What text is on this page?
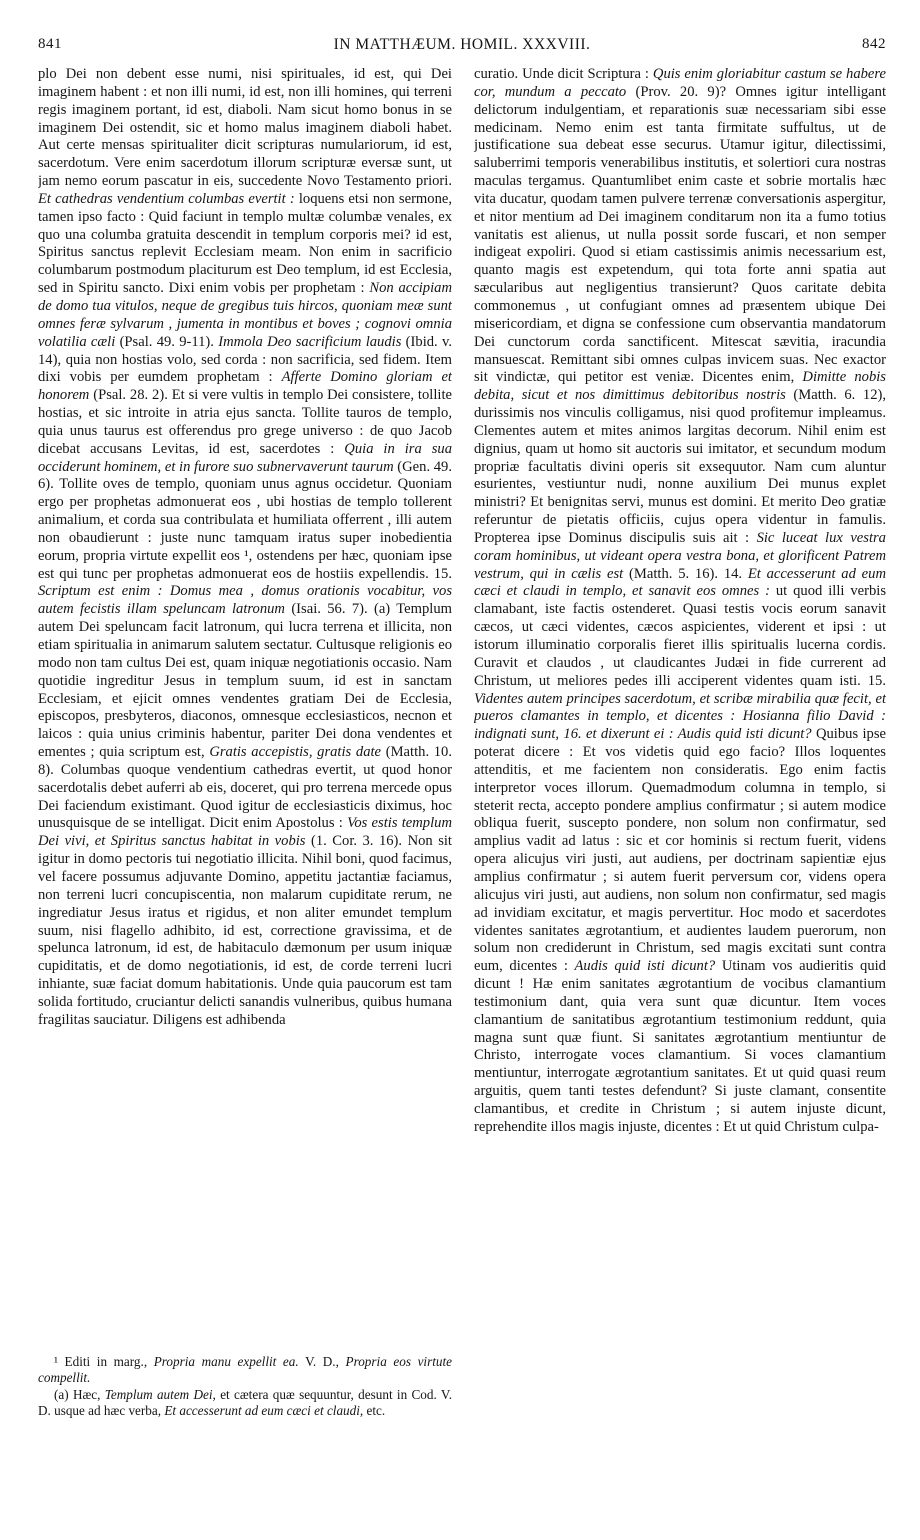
841	IN MATTHÆUM. HOMIL. XXXVIII.	842

plo Dei non debent esse numi, nisi spirituales, id est, qui Dei imaginem habent : et non illi numi, id est, non illi homines, qui terreni regis imaginem portant, id est, diaboli. Nam sicut homo bonus in se imaginem Dei ostendit, sic et homo malus imaginem diaboli habet. Aut certe mensas spiritualiter dicit scripturas numulariorum, id est, sacerdotum. Vere enim sacerdotum illorum scripturæ eversæ sunt, ut jam nemo eorum pascatur in eis, succedente Novo Testamento priori. Et cathedras vendentium columbas evertit : loquens etsi non sermone, tamen ipso facto : Quid faciunt in templo multæ columbæ venales, ex quo una columba gratuita descendit in templum corporis mei? id est, Spiritus sanctus replevit Ecclesiam meam. Non enim in sacrificio columbarum postmodum placiturum est Deo templum, id est Ecclesia, sed in Spiritu sancto. Dixi enim vobis per prophetam : Non accipiam de domo tua vitulos, neque de gregibus tuis hircos, quoniam meæ sunt omnes feræ sylvarum , jumenta in montibus et boves ; cognovi omnia volatilia cæli (Psal. 49. 9-11). Immola Deo sacrificium laudis (Ibid. v. 14), quia non hostias volo, sed corda : non sacrificia, sed fidem. Item dixi vobis per eumdem prophetam : Afferte Domino gloriam et honorem (Psal. 28. 2). Et si vere vultis in templo Dei consistere, tollite hostias, et sic introite in atria ejus sancta. Tollite tauros de templo, quia unus taurus est offerendus pro grege universo : de quo Jacob dicebat accusans Levitas, id est, sacerdotes : Quia in ira sua occiderunt hominem, et in furore suo subnervaverunt taurum (Gen. 49. 6). Tollite oves de templo, quoniam unus agnus occidetur. Quoniam ergo per prophetas admonuerat eos , ubi hostias de templo tollerent animalium, et corda sua contribulata et humiliata offerrent , illi autem non obaudierunt : juste nunc tamquam iratus super inobedientia eorum, propria virtute expellit eos ¹, ostendens per hæc, quoniam ipse est qui tunc per prophetas admonuerat eos de hostiis expellendis. 15. Scriptum est enim : Domus mea , domus orationis vocabitur, vos autem fecistis illam speluncam latronum (Isai. 56. 7). (a) Templum autem Dei speluncam facit latronum, qui lucra terrena et illicita, non etiam spiritualia in animarum salutem sectatur. Cultusque religionis eo modo non tam cultus Dei est, quam iniquæ negotiationis occasio. Nam quotidie ingreditur Jesus in templum suum, id est in sanctam Ecclesiam, et ejicit omnes vendentes gratiam Dei de Ecclesia, episcopos, presbyteros, diaconos, omnesque ecclesiasticos, necnon et laicos : quia unius criminis habentur, pariter Dei dona vendentes et ementes ; quia scriptum est, Gratis accepistis, gratis date (Matth. 10. 8). Columbas quoque vendentium cathedras evertit, ut quod honor sacerdotalis debet auferri ab eis, doceret, qui pro terrena mercede opus Dei faciendum existimant. Quod igitur de ecclesiasticis diximus, hoc unusquisque de se intelligat. Dicit enim Apostolus : Vos estis templum Dei vivi, et Spiritus sanctus habitat in vobis (1. Cor. 3. 16). Non sit igitur in domo pectoris tui negotiatio illicita. Nihil boni, quod facimus, vel facere possumus adjuvante Domino, appetitu jactantiæ faciamus, non terreni lucri concupiscentia, non malarum cupiditate rerum, ne ingrediatur Jesus iratus et rigidus, et non aliter emundet templum suum, nisi flagello adhibito, id est, correctione gravissima, et de spelunca latronum, id est, de habitaculo dæmonum per usum iniquæ cupiditatis, et de domo negotiationis, id est, de corde terreni lucri inhiante, suæ faciat domum habitationis. Unde quia paucorum est tam solida fortitudo, cruciantur delicti sanandis vulneribus, quibus humana fragilitas sauciatur. Diligens est adhibenda

¹ Editi in marg., Propria manu expellit ea. V. D., Propria eos virtute compellit.

(a) Hæc, Templum autem Dei, et cætera quæ sequuntur, desunt in Cod. V. D. usque ad hæc verba, Et accesserunt ad eum cæci et claudi, etc.

curatio. Unde dicit Scriptura : Quis enim gloriabitur castum se habere cor, mundum a peccato (Prov. 20. 9)? Omnes igitur intelligant delictorum indulgentiam, et reparationis suæ necessariam sibi esse medicinam. Nemo enim est tanta firmitate suffultus, ut de justificatione sua debeat esse securus. Utamur igitur, dilectissimi, saluberrimi temporis venerabilibus institutis, et solertiori cura nostras maculas tergamus. Quantumlibet enim caste et sobrie mortalis hæc vita ducatur, quodam tamen pulvere terrenæ conversationis aspergitur, et nitor mentium ad Dei imaginem conditarum non ita a fumo totius vanitatis est alienus, ut nulla possit sorde fuscari, et non semper indigeat expoliri. Quod si etiam castissimis animis necessarium est, quanto magis est expetendum, qui tota forte anni spatia aut sæcularibus aut negligentius transierunt? Quos caritate debita commonemus , ut confugiant omnes ad præsentem ubique Dei misericordiam, et digna se confessione cum observantia mandatorum Dei cunctorum corda sanctificent. Mitescat sævitia, iracundia mansuescat. Remittant sibi omnes culpas invicem suas. Nec exactor sit vindictæ, qui petitor est veniæ. Dicentes enim, Dimitte nobis debita, sicut et nos dimittimus debitoribus nostris (Matth. 6. 12), durissimis nos vinculis colligamus, nisi quod profitemur impleamus. Clementes autem et mites animos largitas decorum. Nihil enim est dignius, quam ut homo sit auctoris sui imitator, et secundum modum propriæ facultatis divini operis sit exsequutor. Nam cum aluntur esurientes, vestiuntur nudi, nonne auxilium Dei munus explet ministri? Et benignitas servi, munus est domini. Et merito Deo gratiæ referuntur de pietatis officiis, cujus opera videntur in famulis. Propterea ipse Dominus discipulis suis ait : Sic luceat lux vestra coram hominibus, ut videant opera vestra bona, et glorificent Patrem vestrum, qui in cælis est (Matth. 5. 16). 14. Et accesserunt ad eum cæci et claudi in templo, et sanavit eos omnes : ut quod illi verbis clamabant, iste factis ostenderet. Quasi testis vocis eorum sanavit cæcos, ut cæci videntes, cæcos aspicientes, viderent et ipsi : ut istorum illuminatio corporalis fieret illis spiritualis lucerna cordis. Curavit et claudos , ut claudicantes Judæi in fide currerent ad Christum, ut meliores pedes illi acciperent videntes quam isti. 15. Videntes autem principes sacerdotum, et scribæ mirabilia quæ fecit, et pueros clamantes in templo, et dicentes : Hosianna filio David : indignati sunt, 16. et dixerunt ei : Audis quid isti dicunt? Quibus ipse poterat dicere : Et vos videtis quid ego facio? Illos loquentes attenditis, et me facientem non consideratis. Ego enim factis interpretor voces illorum. Quemadmodum columna in templo, si steterit recta, accepto pondere amplius confirmatur ; si autem modice obliqua fuerit, suscepto pondere, non solum non confirmatur, sed amplius vadit ad latus : sic et cor hominis si rectum fuerit, videns opera alicujus viri justi, aut audiens, per doctrinam sapientiæ ejus amplius confirmatur ; si autem fuerit perversum cor, videns opera alicujus viri justi, aut audiens, non solum non confirmatur, sed magis ad invidiam excitatur, et magis pervertitur. Hoc modo et sacerdotes videntes sanitates ægrotantium, et audientes laudem puerorum, non solum non crediderunt in Christum, sed magis excitati sunt contra eum, dicentes : Audis quid isti dicunt? Utinam vos audieritis quid dicunt ! Hæ enim sanitates ægrotantium de vocibus clamantium testimonium dant, quia vera sunt quæ dicuntur. Item voces clamantium de sanitatibus ægrotantium testimonium reddunt, quia magna sunt quæ fiunt. Si sanitates ægrotantium mentiuntur de Christo, interrogate voces clamantium. Si voces clamantium mentiuntur, interrogate ægrotantium sanitates. Et ut quid quasi reum arguitis, quem tanti testes defendunt? Si juste clamant, consentite clamantibus, et credite in Christum ; si autem injuste dicunt, reprehendite illos magis injuste, dicentes : Et ut quid Christum culpa-
